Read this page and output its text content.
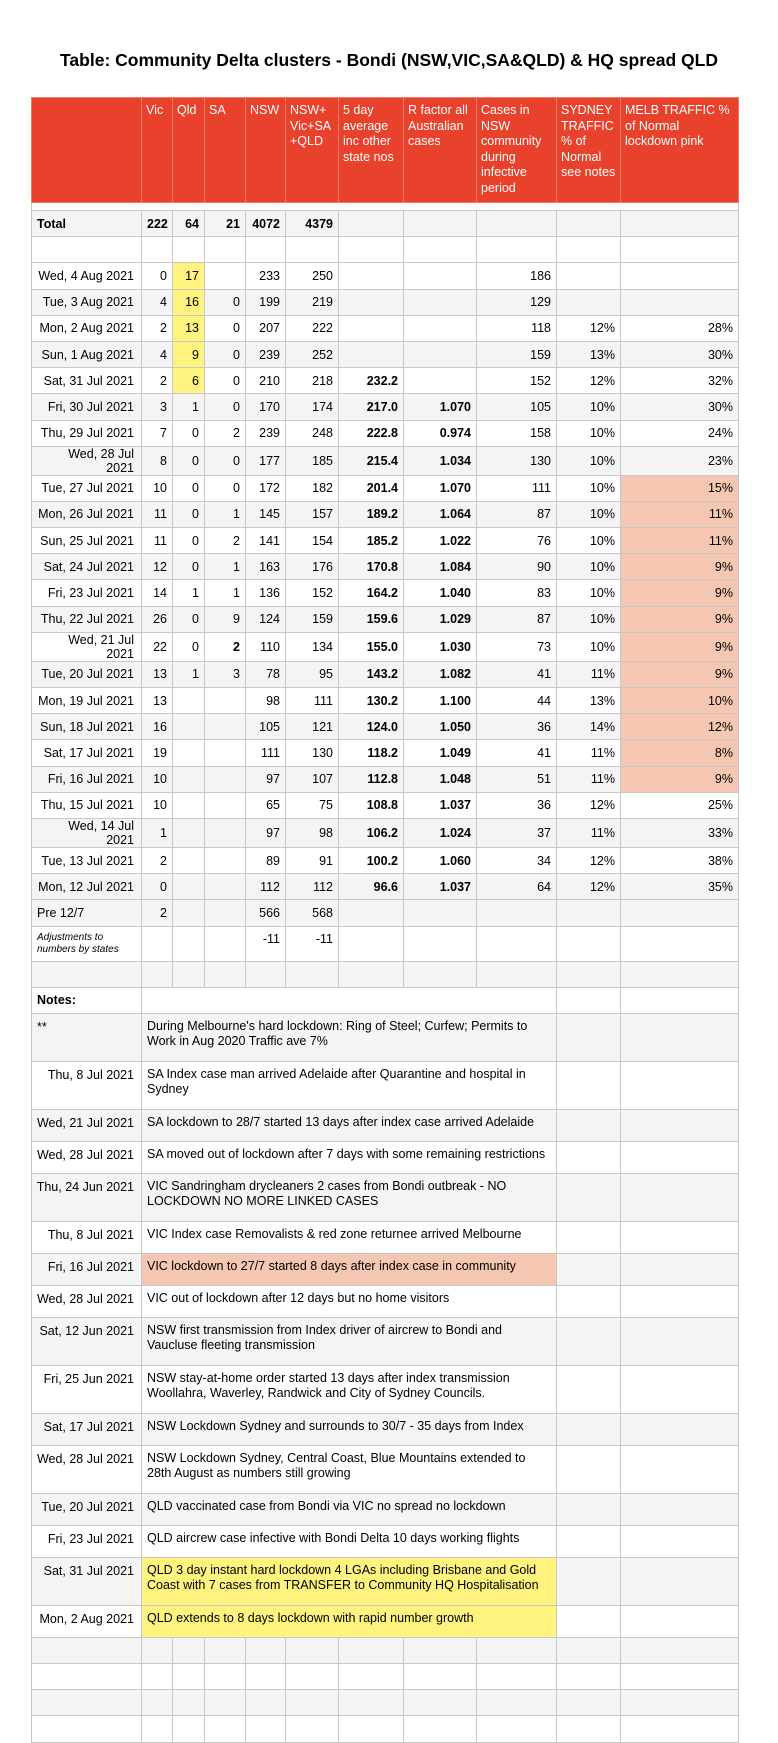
Table: Community Delta clusters - Bondi (NSW,VIC,SA&QLD) & HQ spread QLD
	Vic	Qld	SA	NSW	NSW+ Vic+SA +QLD	5 day average inc other state nos	R factor all Australian cases	Cases in NSW community during infective period	SYDNEY TRAFFIC % of Normal see notes	MELB TRAFFIC % of Normal lockdown pink

Total	222	64	21	4072	4379					

Wed, 4 Aug 2021	0	17		233	250			186		
Tue, 3 Aug 2021	4	16	0	199	219			129		
Mon, 2 Aug 2021	2	13	0	207	222			118	12%	28%
Sun, 1 Aug 2021	4	9	0	239	252			159	13%	30%
Sat, 31 Jul 2021	2	6	0	210	218	232.2		152	12%	32%
Fri, 30 Jul 2021	3	1	0	170	174	217.0	1.070	105	10%	30%
Thu, 29 Jul 2021	7	0	2	239	248	222.8	0.974	158	10%	24%
Wed, 28 Jul 2021	8	0	0	177	185	215.4	1.034	130	10%	23%
Tue, 27 Jul 2021	10	0	0	172	182	201.4	1.070	111	10%	15%
Mon, 26 Jul 2021	11	0	1	145	157	189.2	1.064	87	10%	11%
Sun, 25 Jul 2021	11	0	2	141	154	185.2	1.022	76	10%	11%
Sat, 24 Jul 2021	12	0	1	163	176	170.8	1.084	90	10%	9%
Fri, 23 Jul 2021	14	1	1	136	152	164.2	1.040	83	10%	9%
Thu, 22 Jul 2021	26	0	9	124	159	159.6	1.029	87	10%	9%
Wed, 21 Jul 2021	22	0	2	110	134	155.0	1.030	73	10%	9%
Tue, 20 Jul 2021	13	1	3	78	95	143.2	1.082	41	11%	9%
Mon, 19 Jul 2021	13			98	111	130.2	1.100	44	13%	10%
Sun, 18 Jul 2021	16			105	121	124.0	1.050	36	14%	12%
Sat, 17 Jul 2021	19			111	130	118.2	1.049	41	11%	8%
Fri, 16 Jul 2021	10			97	107	112.8	1.048	51	11%	9%
Thu, 15 Jul 2021	10			65	75	108.8	1.037	36	12%	25%
Wed, 14 Jul 2021	1			97	98	106.2	1.024	37	11%	33%
Tue, 13 Jul 2021	2			89	91	100.2	1.060	34	12%	38%
Mon, 12 Jul 2021	0			112	112	96.6	1.037	64	12%	35%
Pre 12/7	2			566	568					
Adjustments to numbers by states				-11	-11					

Notes:										
**	During Melbourne's hard lockdown: Ring of Steel; Curfew; Permits to Work in Aug 2020 Traffic ave 7%									
Thu, 8 Jul 2021	SA Index case man arrived Adelaide after Quarantine and hospital in Sydney									
Wed, 21 Jul 2021	SA lockdown to 28/7 started 13 days after index case arrived Adelaide									
Wed, 28 Jul 2021	SA moved out of lockdown after 7 days with some remaining restrictions									
Thu, 24 Jun 2021	VIC Sandringham drycleaners 2 cases from Bondi outbreak - NO LOCKDOWN NO MORE LINKED CASES									
Thu, 8 Jul 2021	VIC Index case Removalists & red zone returnee arrived Melbourne									
Fri, 16 Jul 2021	VIC lockdown to 27/7 started 8 days after index case in community									
Wed, 28 Jul 2021	VIC out of lockdown after 12 days but no home visitors									
Sat, 12 Jun 2021	NSW first transmission from Index driver of aircrew to Bondi and Vaucluse fleeting transmission									
Fri, 25 Jun 2021	NSW stay-at-home order started 13 days after index transmission Woollahra, Waverley, Randwick and City of Sydney Councils.									
Sat, 17 Jul 2021	NSW Lockdown Sydney and surrounds to 30/7 - 35 days from Index									
Wed, 28 Jul 2021	NSW Lockdown Sydney, Central Coast, Blue Mountains extended to 28th August as numbers still growing									
Tue, 20 Jul 2021	QLD vaccinated case from Bondi via VIC no spread no lockdown									
Fri, 23 Jul 2021	QLD aircrew case infective with Bondi Delta 10 days working flights									
Sat, 31 Jul 2021	QLD 3 day instant hard lockdown 4 LGAs including Brisbane and Gold Coast with 7 cases from TRANSFER to Community HQ Hospitalisation									
Mon, 2 Aug 2021	QLD extends to 8 days lockdown with rapid number growth									
